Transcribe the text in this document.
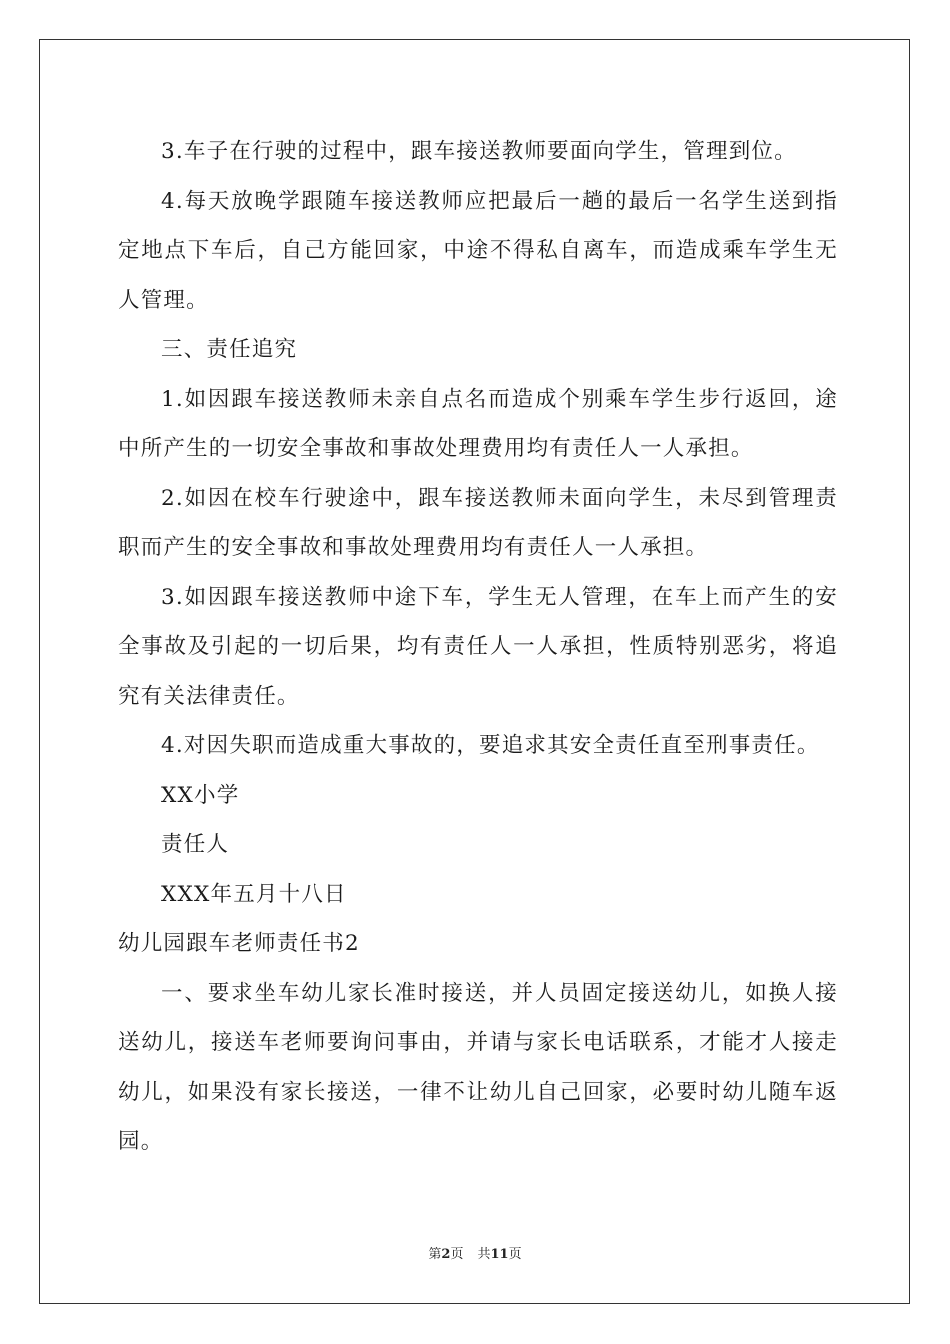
3.车子在行驶的过程中，跟车接送教师要面向学生，管理到位。

4.每天放晚学跟随车接送教师应把最后一趟的最后一名学生送到指定地点下车后，自己方能回家，中途不得私自离车，而造成乘车学生无人管理。

三、责任追究

1.如因跟车接送教师未亲自点名而造成个别乘车学生步行返回，途中所产生的一切安全事故和事故处理费用均有责任人一人承担。

2.如因在校车行驶途中，跟车接送教师未面向学生，未尽到管理责职而产生的安全事故和事故处理费用均有责任人一人承担。

3.如因跟车接送教师中途下车，学生无人管理，在车上而产生的安全事故及引起的一切后果，均有责任人一人承担，性质特别恶劣，将追究有关法律责任。

4.对因失职而造成重大事故的，要追求其安全责任直至刑事责任。

XX小学

责任人

XXX年五月十八日

幼儿园跟车老师责任书2

一、要求坐车幼儿家长准时接送，并人员固定接送幼儿，如换人接送幼儿，接送车老师要询问事由，并请与家长电话联系，才能才人接走幼儿，如果没有家长接送，一律不让幼儿自己回家，必要时幼儿随车返园。

第2页 共11页
